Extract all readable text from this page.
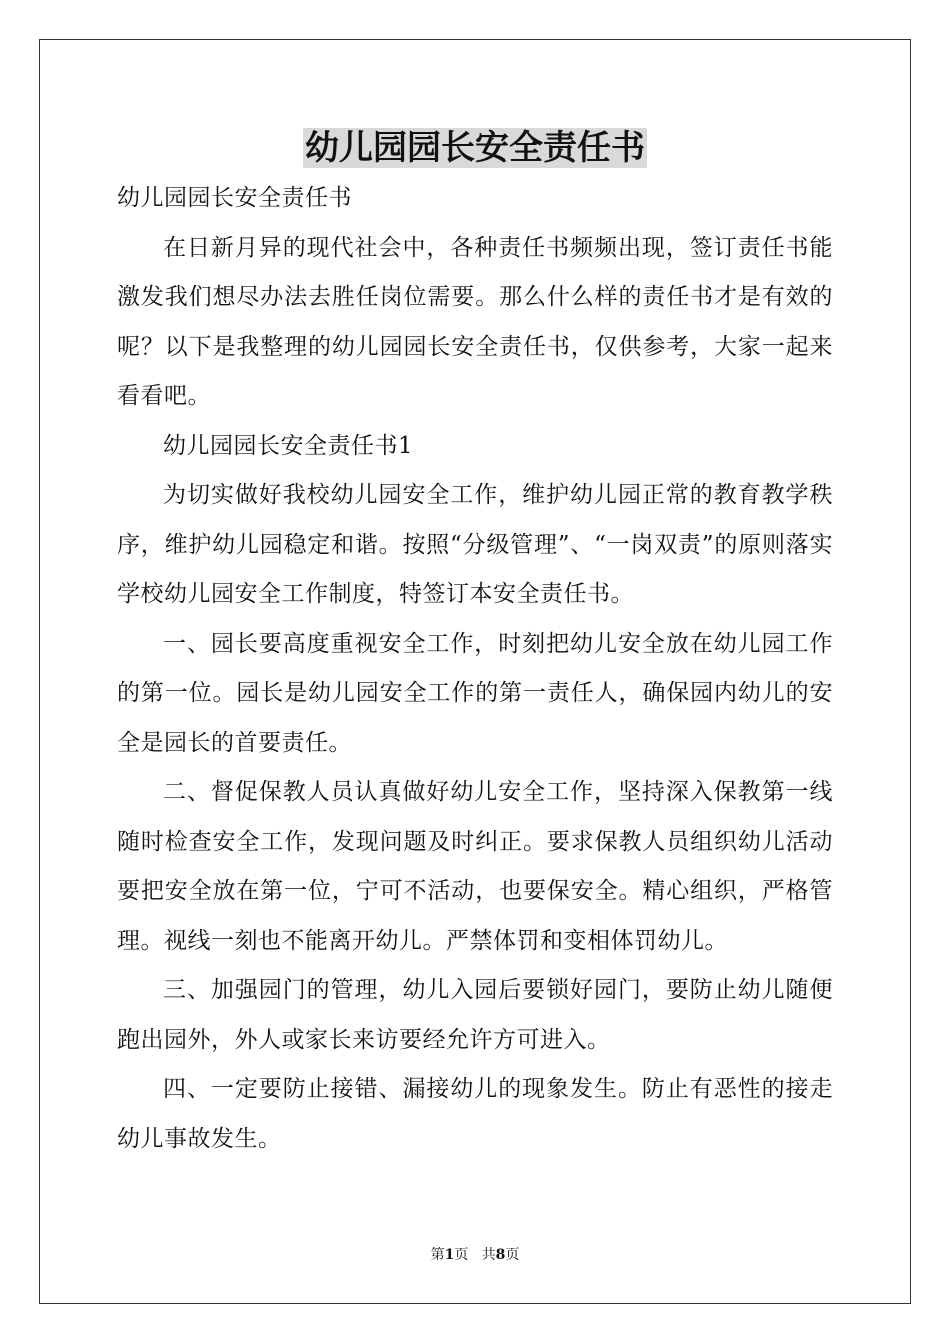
幼儿园园长安全责任书

幼儿园园长安全责任书

在日新月异的现代社会中，各种责任书频频出现，签订责任书能激发我们想尽办法去胜任岗位需要。那么什么样的责任书才是有效的呢？以下是我整理的幼儿园园长安全责任书，仅供参考，大家一起来看看吧。

幼儿园园长安全责任书1

为切实做好我校幼儿园安全工作，维护幼儿园正常的教育教学秩序，维护幼儿园稳定和谐。按照“分级管理”、“一岗双责”的原则落实学校幼儿园安全工作制度，特签订本安全责任书。

一、园长要高度重视安全工作，时刻把幼儿安全放在幼儿园工作的第一位。园长是幼儿园安全工作的第一责任人，确保园内幼儿的安全是园长的首要责任。

二、督促保教人员认真做好幼儿安全工作，坚持深入保教第一线随时检查安全工作，发现问题及时纠正。要求保教人员组织幼儿活动要把安全放在第一位，宁可不活动，也要保安全。精心组织，严格管理。视线一刻也不能离开幼儿。严禁体罚和变相体罚幼儿。

三、加强园门的管理，幼儿入园后要锁好园门，要防止幼儿随便跑出园外，外人或家长来访要经允许方可进入。

四、一定要防止接错、漏接幼儿的现象发生。防止有恶性的接走幼儿事故发生。

第1页 共8页
